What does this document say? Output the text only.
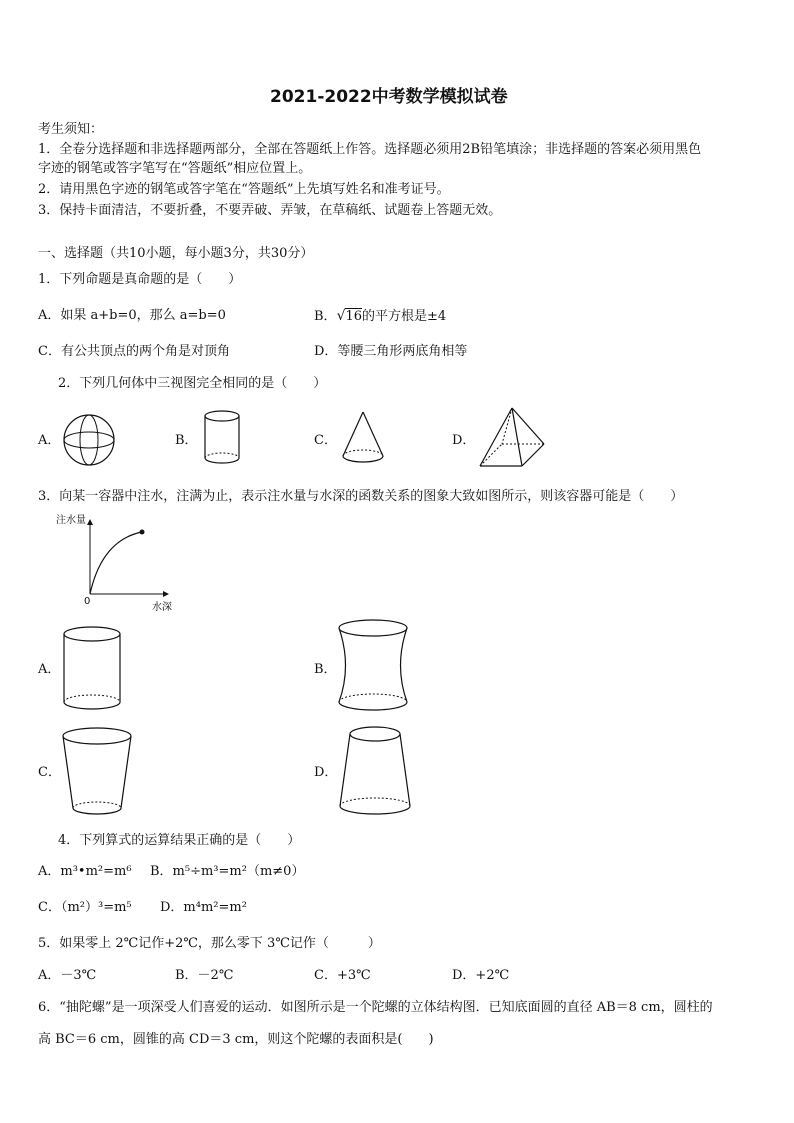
2021-2022中考数学模拟试卷
考生须知：
1．全卷分选择题和非选择题两部分，全部在答题纸上作答。选择题必须用2B铅笔填涂；非选择题的答案必须用黑色
字迹的钢笔或答字笔写在“答题纸”相应位置上。
2．请用黑色字迹的钢笔或答字笔在“答题纸”上先填写姓名和准考证号。
3．保持卡面清洁，不要折叠，不要弄破、弄皱，在草稿纸、试题卷上答题无效。
一、选择题（共10小题，每小题3分，共30分）
1．下列命题是真命题的是（　　）
A．如果 a+b=0，那么 a=b=0	B．√16的平方根是±4
C．有公共顶点的两个角是对顶角	D．等腰三角形两底角相等
2．下列几何体中三视图完全相同的是（　　）
A．	B．	C．	D．
3．向某一容器中注水，注满为止，表示注水量与水深的函数关系的图象大致如图所示，则该容器可能是（　　）
注水量
水深
0
A．	B．
C．	D．
4．下列算式的运算结果正确的是（　　）
A．m³•m²=m⁶ B．m⁵÷m³=m²（m≠0）
C．（m²）³=m⁵ D．m⁴m²=m²
5．如果零上 2℃记作+2℃，那么零下 3℃记作（　　　）
A．－3℃	B．－2℃	C．+3℃	D．+2℃
6．“抽陀螺”是一项深受人们喜爱的运动．如图所示是一个陀螺的立体结构图．已知底面圆的直径 AB＝8 cm，圆柱的
高 BC＝6 cm，圆锥的高 CD＝3 cm，则这个陀螺的表面积是(　　)
